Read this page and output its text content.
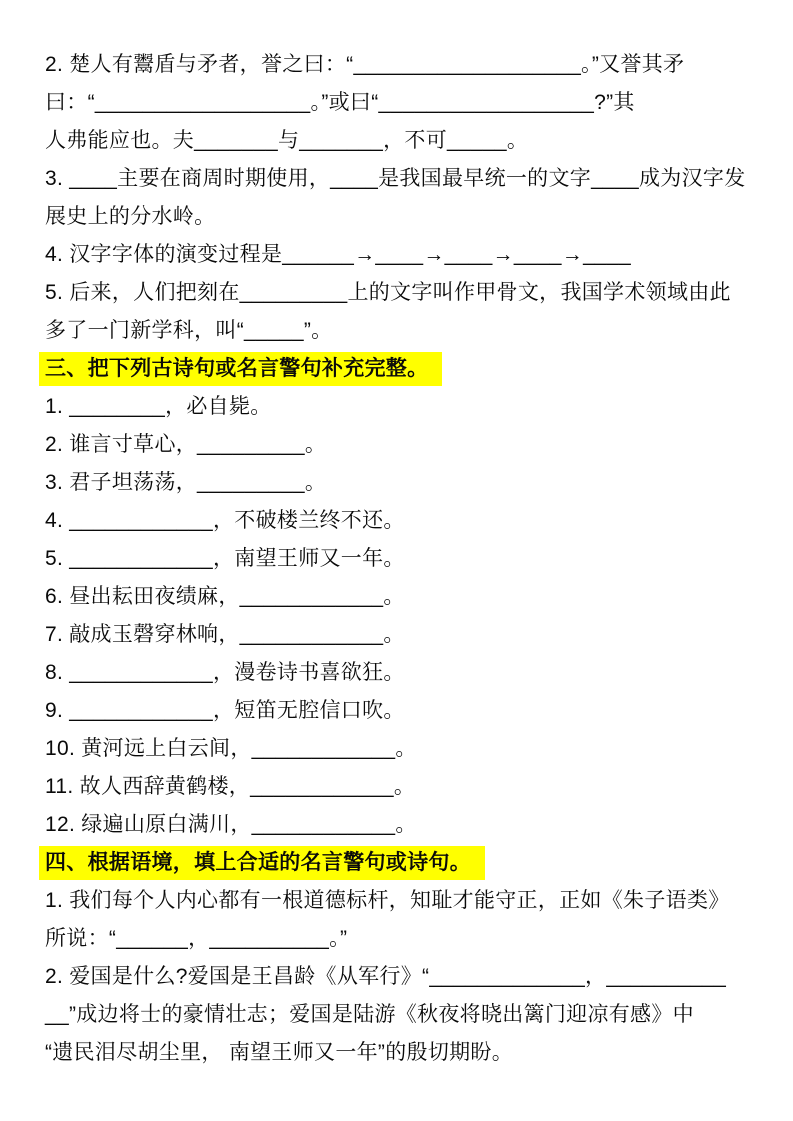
2. 楚人有鬻盾与矛者，誉之曰：“___________________。”又誉其矛
曰：“__________________。”或曰“__________________?”其
人弗能应也。夫_______与_______，不可_____。
3. ____主要在商周时期使用，____是我国最早统一的文字____成为汉字发
展史上的分水岭。
4. 汉字字体的演变过程是______→____→____→____→____
5. 后来，人们把刻在_________上的文字叫作甲骨文，我国学术领域由此
多了一门新学科，叫“_____”。
三、把下列古诗句或名言警句补充完整。
1. ________，必自毙。
2. 谁言寸草心，_________。
3. 君子坦荡荡，_________。
4. ____________，不破楼兰终不还。
5. ____________，南望王师又一年。
6. 昼出耘田夜绩麻，____________。
7. 敲成玉磬穿林响，____________。
8. ____________，漫卷诗书喜欲狂。
9. ____________，短笛无腔信口吹。
10. 黄河远上白云间，____________。
11. 故人西辞黄鹤楼，____________。
12. 绿遍山原白满川，____________。
四、根据语境，填上合适的名言警句或诗句。
1. 我们每个人内心都有一根道德标杆，知耻才能守正，正如《朱子语类》
所说：“______，__________。”
2. 爱国是什么?爱国是王昌龄《从军行》“_____________，__________
__”成边将士的豪情壮志；爱国是陆游《秋夜将晓出篱门迎凉有感》中
“遗民泪尽胡尘里， 南望王师又一年”的殷切期盼。
